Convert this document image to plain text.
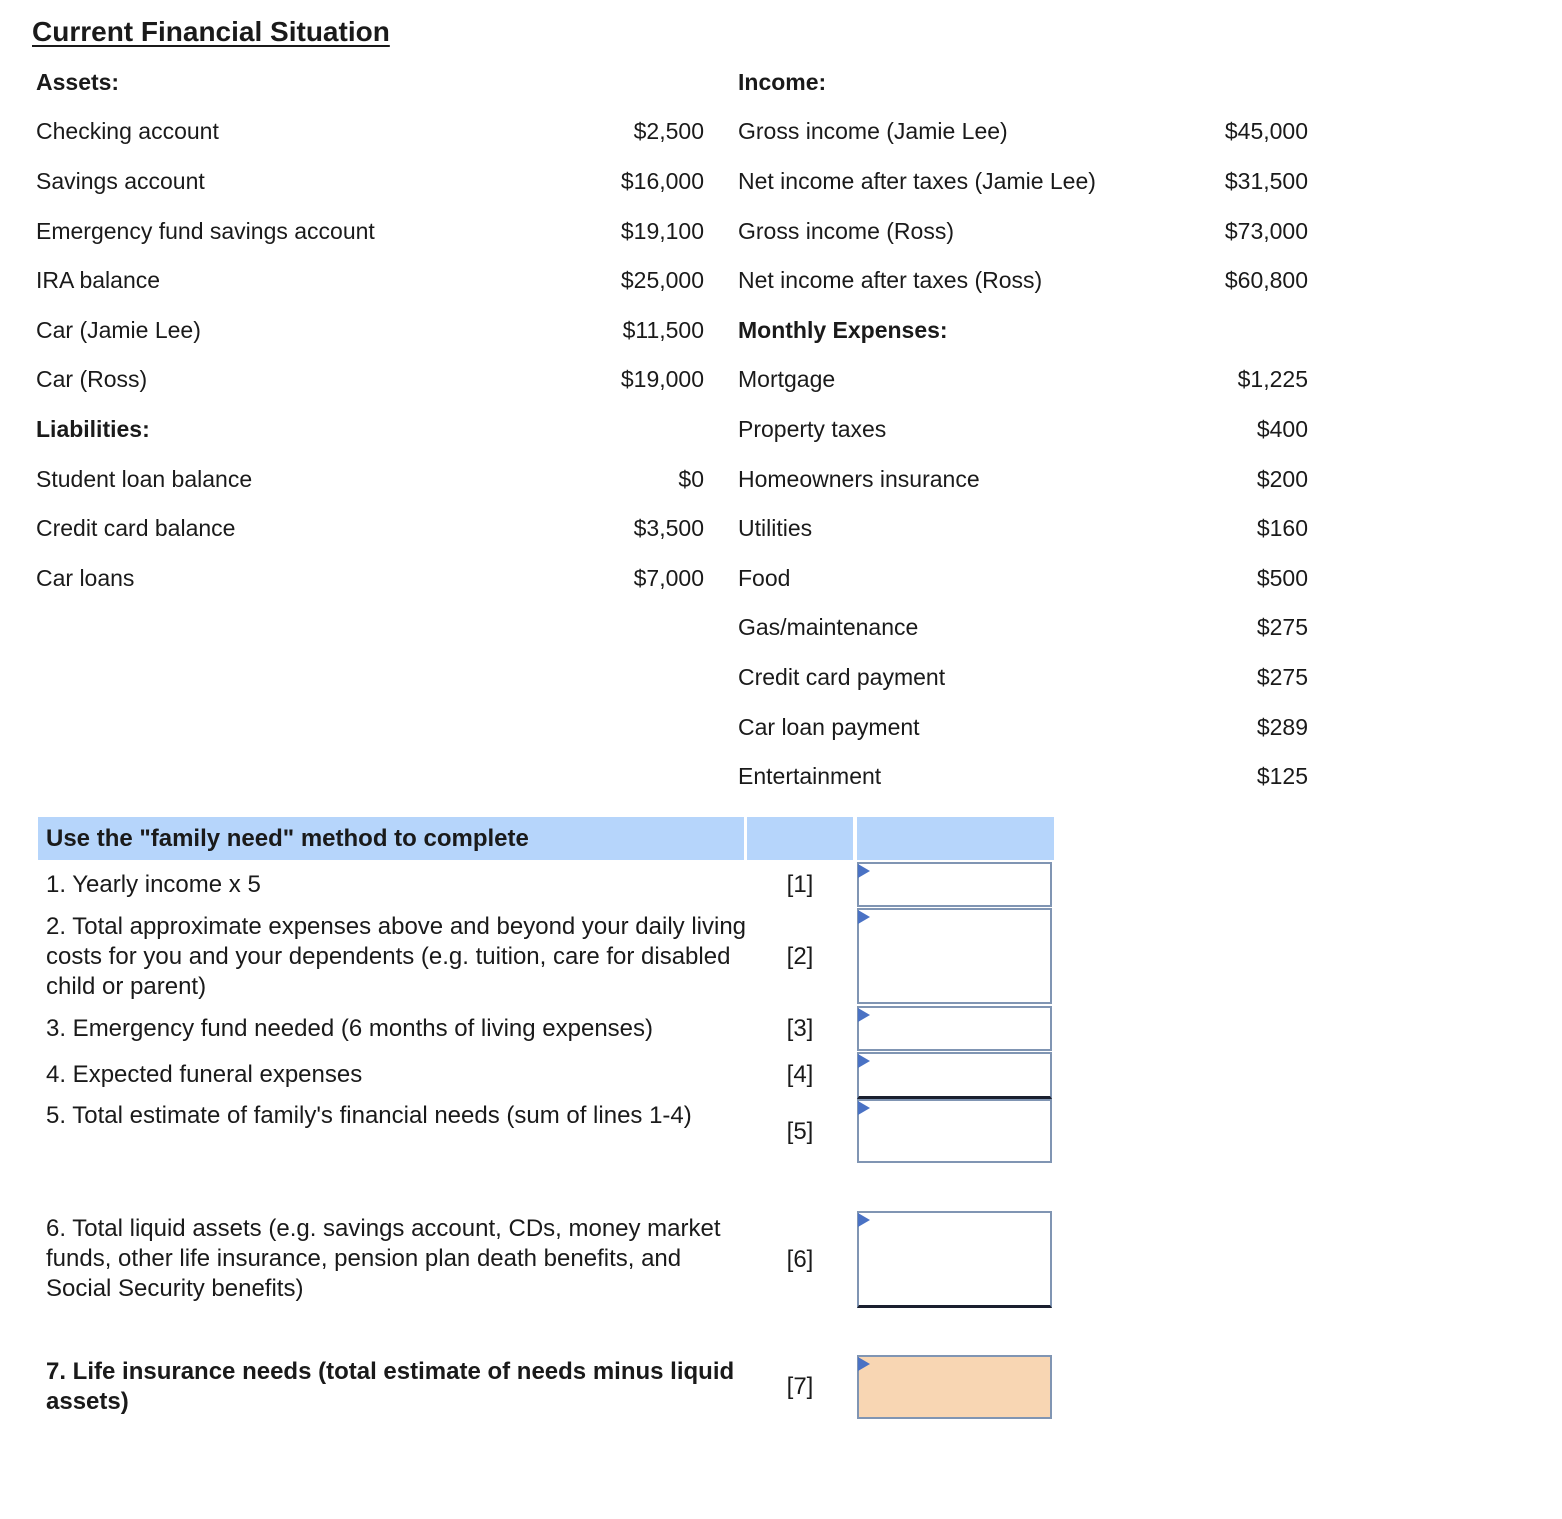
Current Financial Situation
Assets:
Checking account	$2,500
Savings account	$16,000
Emergency fund savings account	$19,100
IRA balance	$25,000
Car (Jamie Lee)	$11,500
Car (Ross)	$19,000
Liabilities:
Student loan balance	$0
Credit card balance	$3,500
Car loans	$7,000
Income:
Gross income (Jamie Lee)	$45,000
Net income after taxes (Jamie Lee)	$31,500
Gross income (Ross)	$73,000
Net income after taxes (Ross)	$60,800
Monthly Expenses:
Mortgage	$1,225
Property taxes	$400
Homeowners insurance	$200
Utilities	$160
Food	$500
Gas/maintenance	$275
Credit card payment	$275
Car loan payment	$289
Entertainment	$125
Use the "family need" method to complete
1. Yearly income x 5	[1]
2. Total approximate expenses above and beyond your daily living costs for you and your dependents (e.g. tuition, care for disabled child or parent)
[2]
3. Emergency fund needed (6 months of living expenses)	[3]
4. Expected funeral expenses	[4]
5. Total estimate of family's financial needs (sum of lines 1-4)
[5]
6. Total liquid assets (e.g. savings account, CDs, money market funds, other life insurance, pension plan death benefits, and Social Security benefits)
[6]
7. Life insurance needs (total estimate of needs minus liquid assets)
[7]
